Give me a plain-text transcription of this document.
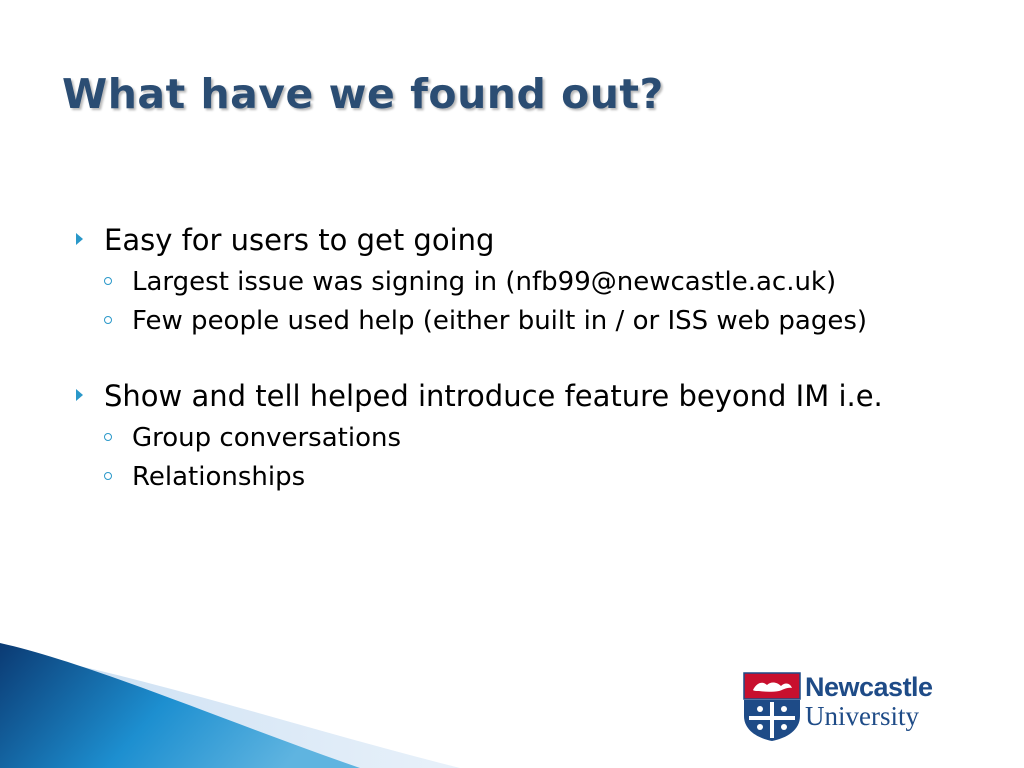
What have we found out?
Easy for users to get going
Largest issue was signing in (nfb99@newcastle.ac.uk)
Few people used help (either built in / or ISS web pages)
Show and tell helped introduce feature beyond IM i.e.
Group conversations
Relationships
Newcastle
University
